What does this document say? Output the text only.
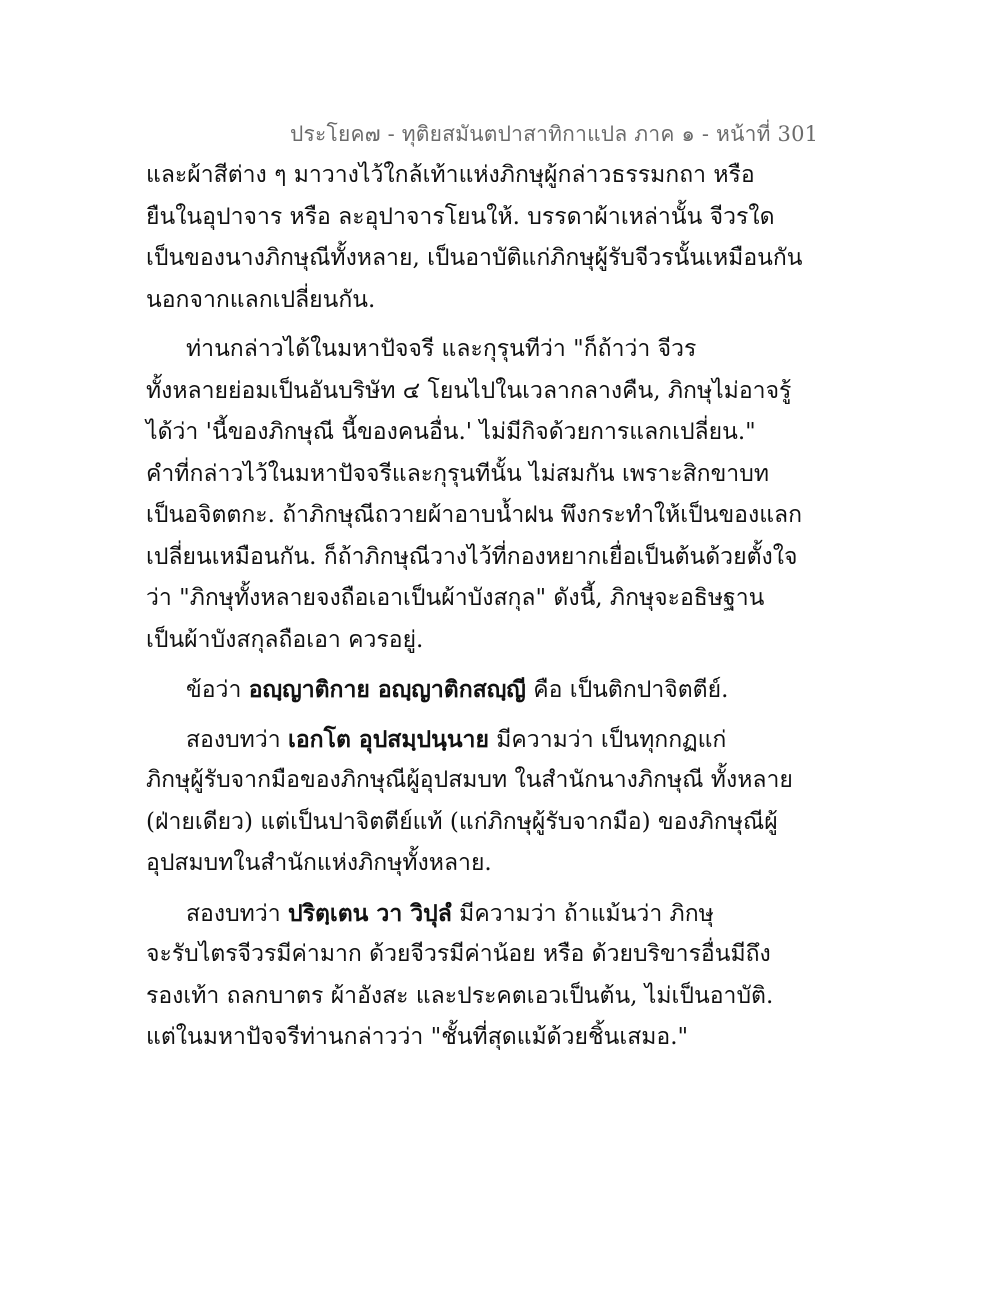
ประโยค๗ - ทุติยสมันตปาสาทิกาแปล ภาค ๑ - หน้าที่ 301
และผ้าสีต่าง ๆ มาวางไว้ใกล้เท้าแห่งภิกษุผู้กล่าวธรรมกถา หรือ
ยืนในอุปาจาร หรือ ละอุปาจารโยนให้. บรรดาผ้าเหล่านั้น จีวรใด
เป็นของนางภิกษุณีทั้งหลาย, เป็นอาบัติแก่ภิกษุผู้รับจีวรนั้นเหมือนกัน
นอกจากแลกเปลี่ยนกัน.
ท่านกล่าวได้ในมหาปัจจรี และกุรุนทีว่า "ก็ถ้าว่า จีวร
ทั้งหลายย่อมเป็นอันบริษัท ๔ โยนไปในเวลากลางคืน, ภิกษุไม่อาจรู้
ได้ว่า 'นี้ของภิกษุณี นี้ของคนอื่น.' ไม่มีกิจด้วยการแลกเปลี่ยน."
คำที่กล่าวไว้ในมหาปัจจรีและกุรุนทีนั้น ไม่สมกัน เพราะสิกขาบท
เป็นอจิตตกะ. ถ้าภิกษุณีถวายผ้าอาบน้ำฝน พึงกระทำให้เป็นของแลก
เปลี่ยนเหมือนกัน. ก็ถ้าภิกษุณีวางไว้ที่กองหยากเยื่อเป็นต้นด้วยตั้งใจ
ว่า "ภิกษุทั้งหลายจงถือเอาเป็นผ้าบังสกุล" ดังนี้, ภิกษุจะอธิษฐาน
เป็นผ้าบังสกุลถือเอา ควรอยู่.
ข้อว่า อญฺญาติกาย อญฺญาติกสญฺญี คือ เป็นติกปาจิตตีย์.
สองบทว่า เอกโต อุปสมฺปนฺนาย มีความว่า เป็นทุกกฏแก่
ภิกษุผู้รับจากมือของภิกษุณีผู้อุปสมบท ในสำนักนางภิกษุณี ทั้งหลาย
(ฝ่ายเดียว) แต่เป็นปาจิตตีย์แท้ (แก่ภิกษุผู้รับจากมือ) ของภิกษุณีผู้
อุปสมบทในสำนักแห่งภิกษุทั้งหลาย.
สองบทว่า ปริตฺเตน วา วิปุลํ มีความว่า ถ้าแม้นว่า ภิกษุ
จะรับไตรจีวรมีค่ามาก ด้วยจีวรมีค่าน้อย หรือ ด้วยบริขารอื่นมีถึง
รองเท้า ถลกบาตร ผ้าอังสะ และประคตเอวเป็นต้น, ไม่เป็นอาบัติ.
แต่ในมหาปัจจรีท่านกล่าวว่า "ชั้นที่สุดแม้ด้วยชิ้นเสมอ."
